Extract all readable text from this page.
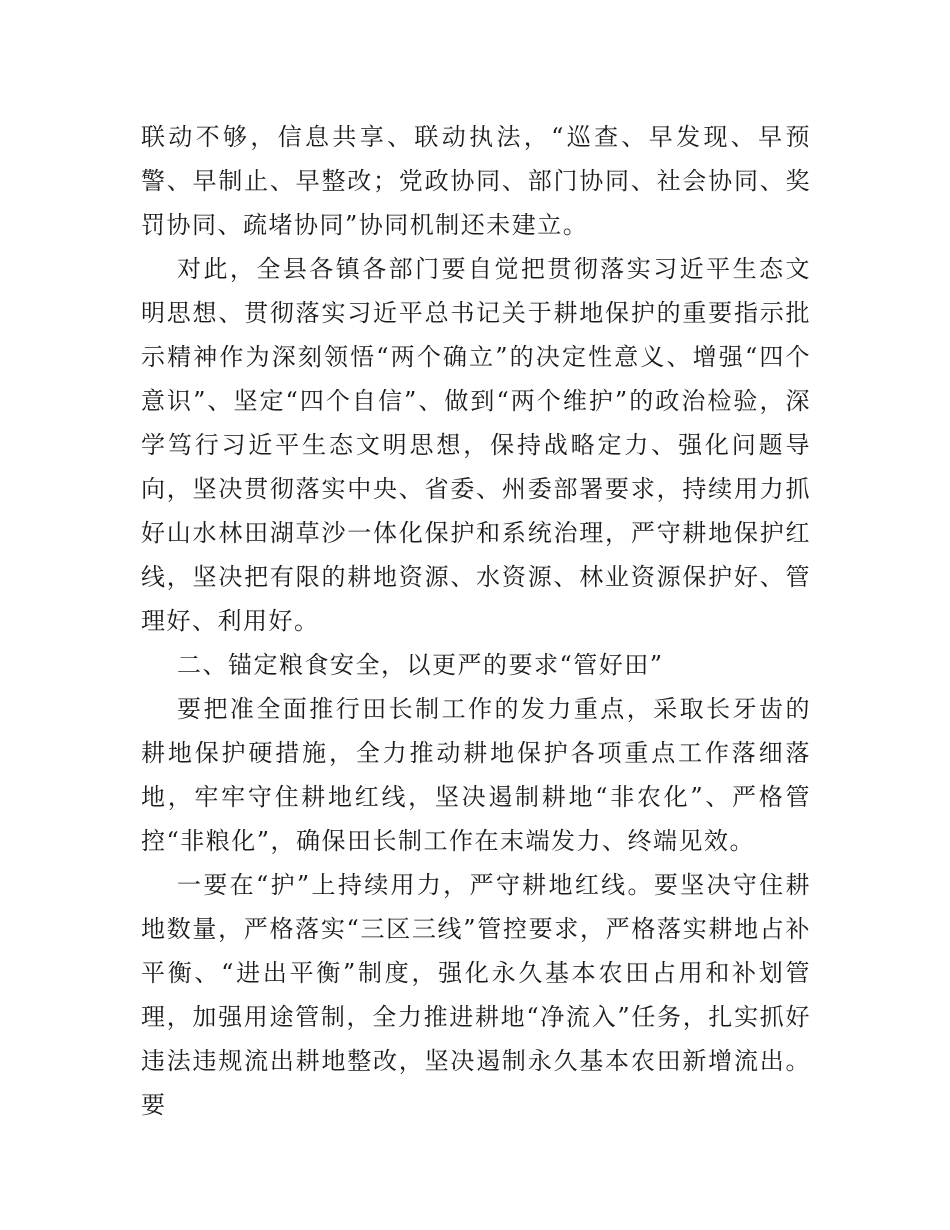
联动不够，信息共享、联动执法，“巡查、早发现、早预警、早制止、早整改；党政协同、部门协同、社会协同、奖罚协同、疏堵协同”协同机制还未建立。

对此，全县各镇各部门要自觉把贯彻落实习近平生态文明思想、贯彻落实习近平总书记关于耕地保护的重要指示批示精神作为深刻领悟“两个确立”的决定性意义、增强“四个意识”、坚定“四个自信”、做到“两个维护”的政治检验，深学笃行习近平生态文明思想，保持战略定力、强化问题导向，坚决贯彻落实中央、省委、州委部署要求，持续用力抓好山水林田湖草沙一体化保护和系统治理，严守耕地保护红线，坚决把有限的耕地资源、水资源、林业资源保护好、管理好、利用好。

二、锚定粮食安全，以更严的要求“管好田”

要把准全面推行田长制工作的发力重点，采取长牙齿的耕地保护硬措施，全力推动耕地保护各项重点工作落细落地，牢牢守住耕地红线，坚决遏制耕地“非农化”、严格管控“非粮化”，确保田长制工作在末端发力、终端见效。

一要在“护”上持续用力，严守耕地红线。要坚决守住耕地数量，严格落实“三区三线”管控要求，严格落实耕地占补平衡、“进出平衡”制度，强化永久基本农田占用和补划管理，加强用途管制，全力推进耕地“净流入”任务，扎实抓好违法违规流出耕地整改，坚决遏制永久基本农田新增流出。要
